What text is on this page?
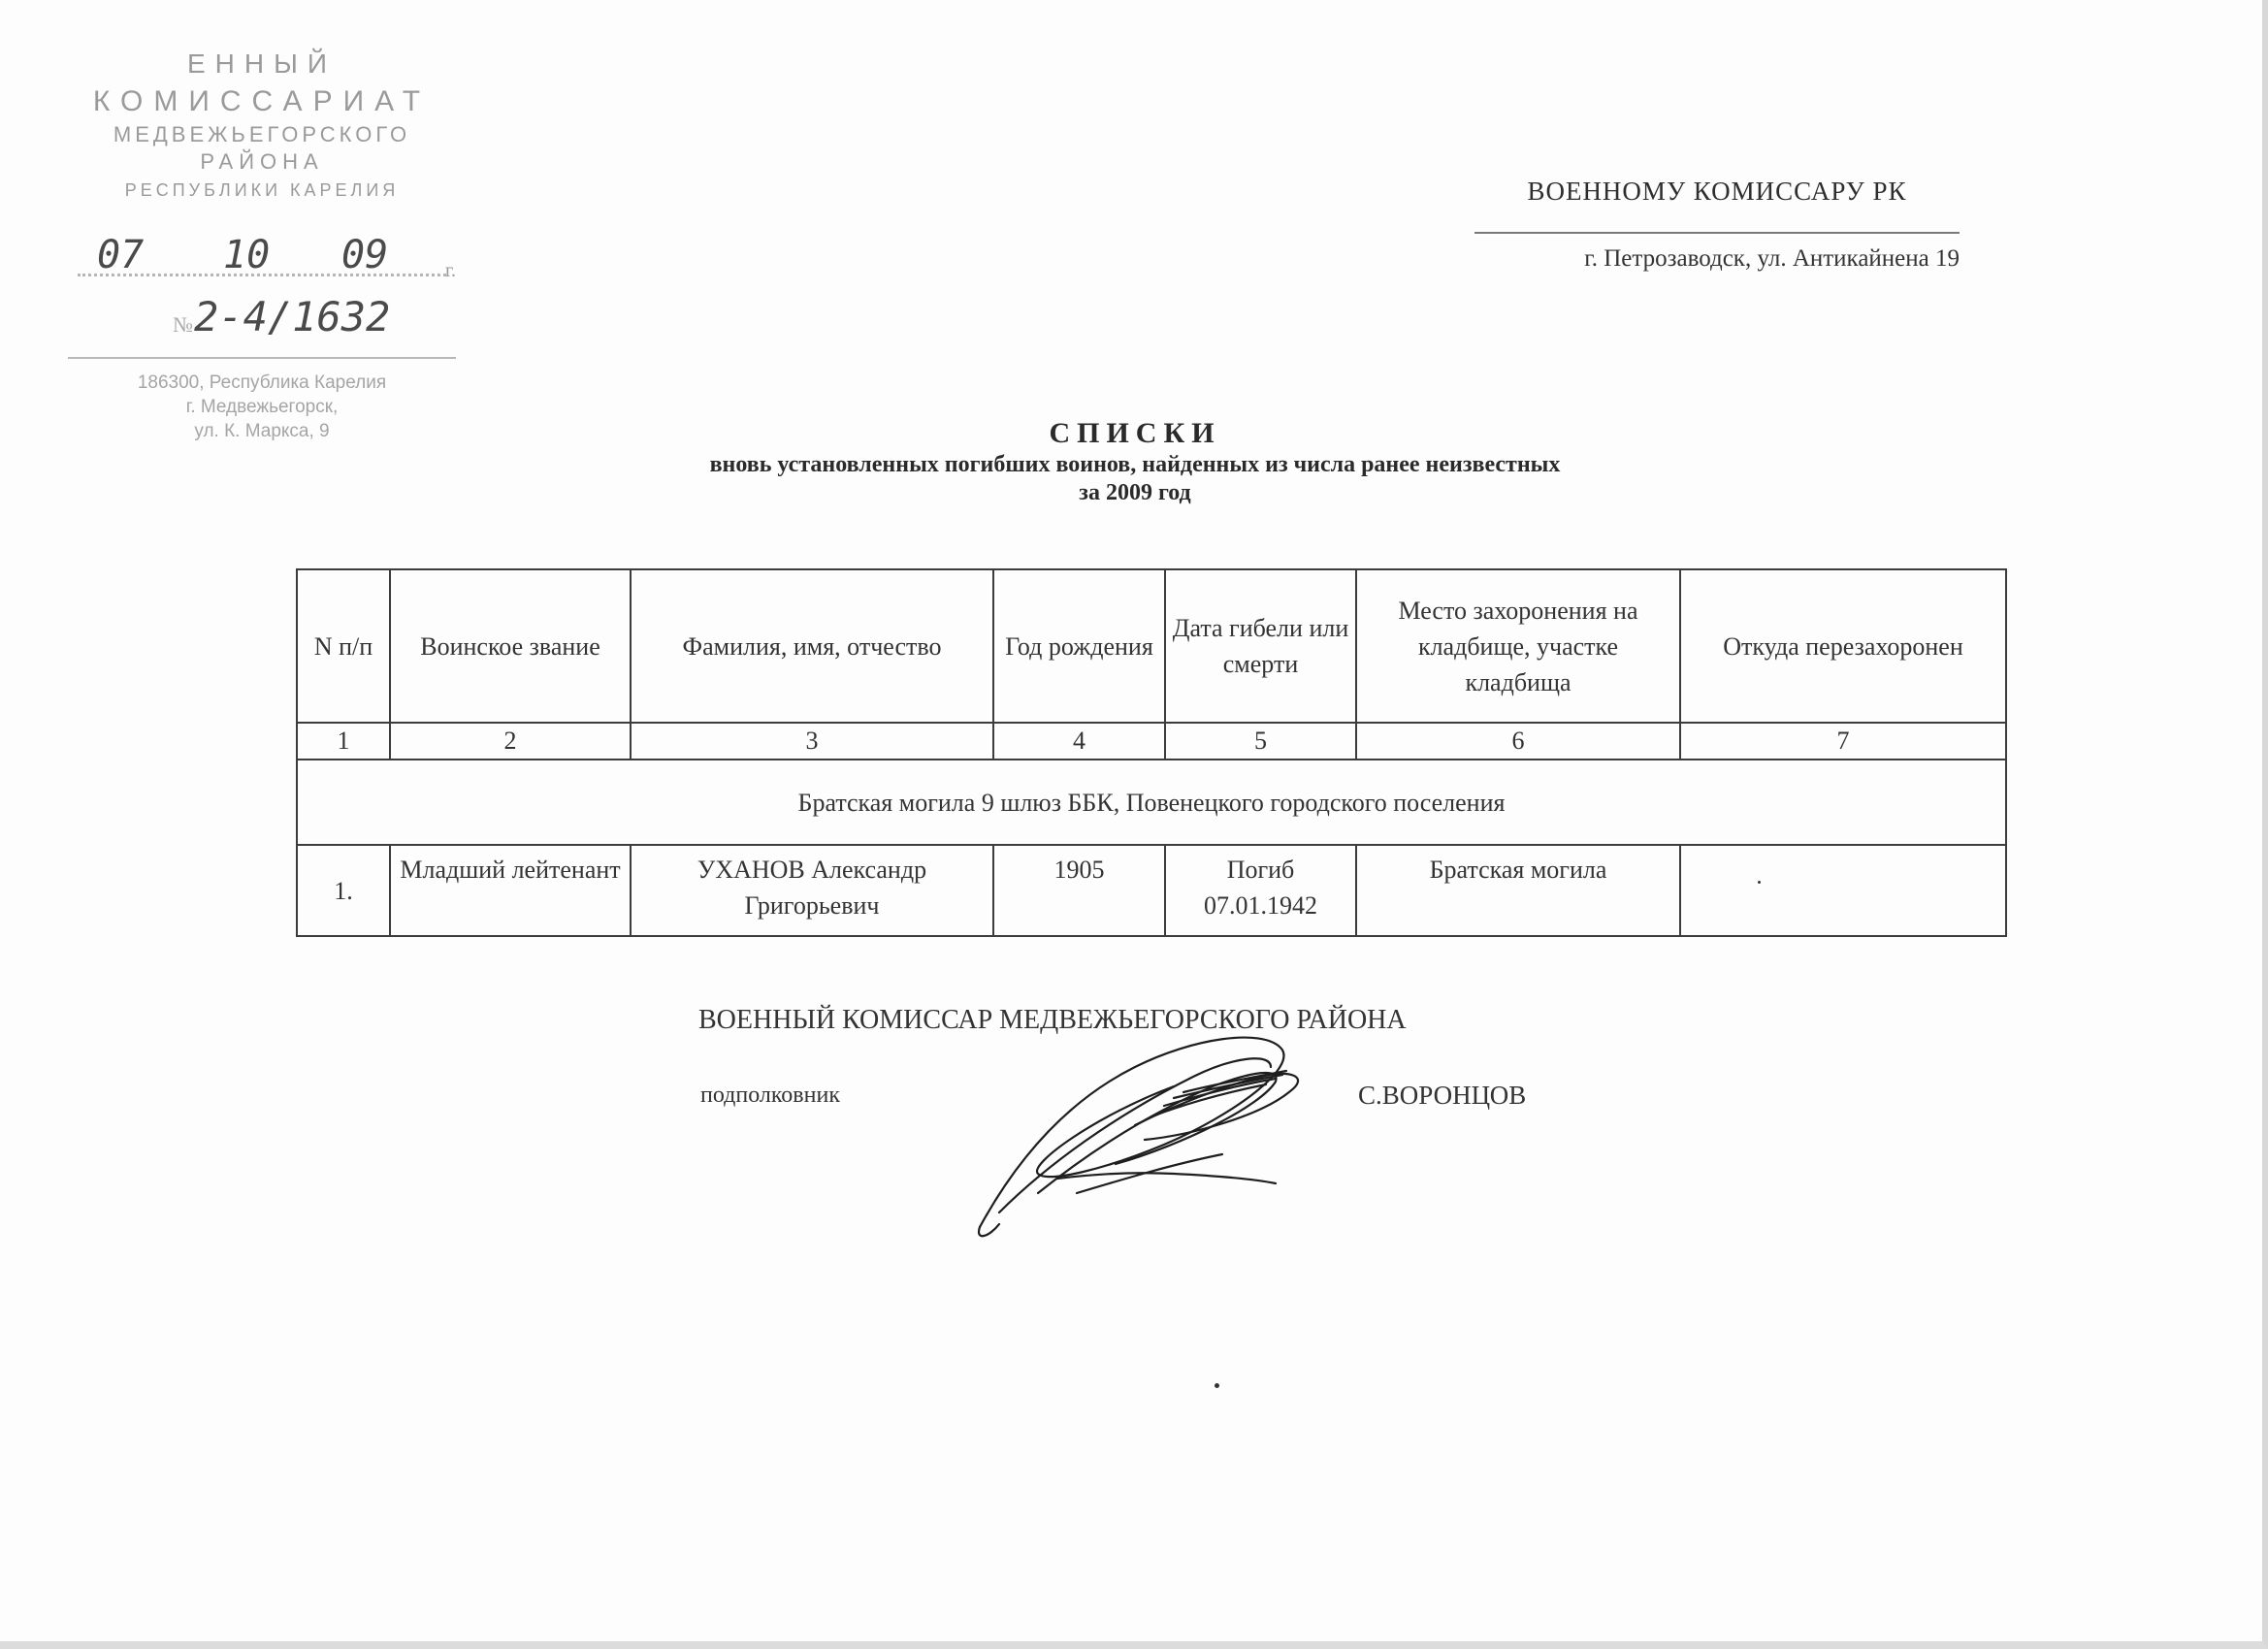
ЕННЫЙ
КОМИССАРИАТ
МЕДВЕЖЬЕГОРСКОГО
РАЙОНА
РЕСПУБЛИКИ КАРЕЛИЯ
07 10 09	г.
№ 2-4/1632
186300, Республика Карелия
г. Медвежьегорск,
ул. К. Маркса, 9
ВОЕННОМУ КОМИССАРУ РК
г. Петрозаводск, ул. Антикайнена 19
СПИСКИ
вновь установленных погибших воинов, найденных из числа ранее неизвестных
за 2009 год
N п/п	Воинское звание	Фамилия, имя, отчество	Год рождения	Дата гибели или смерти	Место захоронения на кладбище, участке кладбища	Откуда перезахоронен
1	2	3	4	5	6	7
Братская могила 9 шлюз ББК, Повенецкого городского поселения						
1.	Младший лейтенант	УХАНОВ Александр Григорьевич	1905	Погиб 07.01.1942	Братская могила	
ВОЕННЫЙ КОМИССАР МЕДВЕЖЬЕГОРСКОГО РАЙОНА
подполковник	С.ВОРОНЦОВ
